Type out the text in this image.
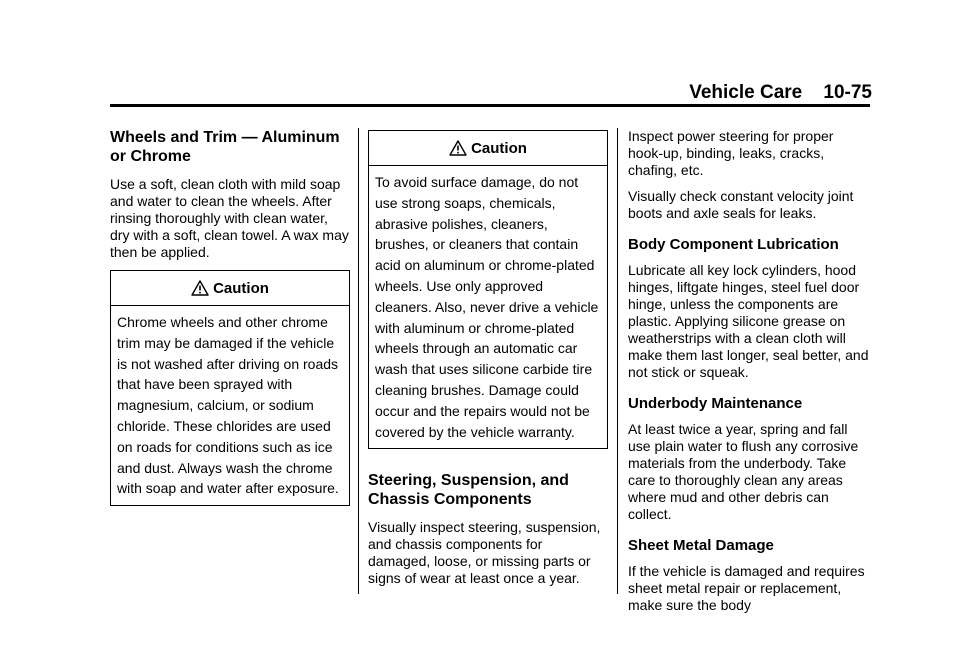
Vehicle Care 10-75
Wheels and Trim — Aluminum or Chrome
Use a soft, clean cloth with mild soap and water to clean the wheels. After rinsing thoroughly with clean water, dry with a soft, clean towel. A wax may then be applied.
Caution
Chrome wheels and other chrome trim may be damaged if the vehicle is not washed after driving on roads that have been sprayed with magnesium, calcium, or sodium chloride. These chlorides are used on roads for conditions such as ice and dust. Always wash the chrome with soap and water after exposure.
Caution
To avoid surface damage, do not use strong soaps, chemicals, abrasive polishes, cleaners, brushes, or cleaners that contain acid on aluminum or chrome-plated wheels. Use only approved cleaners. Also, never drive a vehicle with aluminum or chrome-plated wheels through an automatic car wash that uses silicone carbide tire cleaning brushes. Damage could occur and the repairs would not be covered by the vehicle warranty.
Steering, Suspension, and Chassis Components
Visually inspect steering, suspension, and chassis components for damaged, loose, or missing parts or signs of wear at least once a year.
Inspect power steering for proper hook-up, binding, leaks, cracks, chafing, etc.
Visually check constant velocity joint boots and axle seals for leaks.
Body Component Lubrication
Lubricate all key lock cylinders, hood hinges, liftgate hinges, steel fuel door hinge, unless the components are plastic. Applying silicone grease on weatherstrips with a clean cloth will make them last longer, seal better, and not stick or squeak.
Underbody Maintenance
At least twice a year, spring and fall use plain water to flush any corrosive materials from the underbody. Take care to thoroughly clean any areas where mud and other debris can collect.
Sheet Metal Damage
If the vehicle is damaged and requires sheet metal repair or replacement, make sure the body
